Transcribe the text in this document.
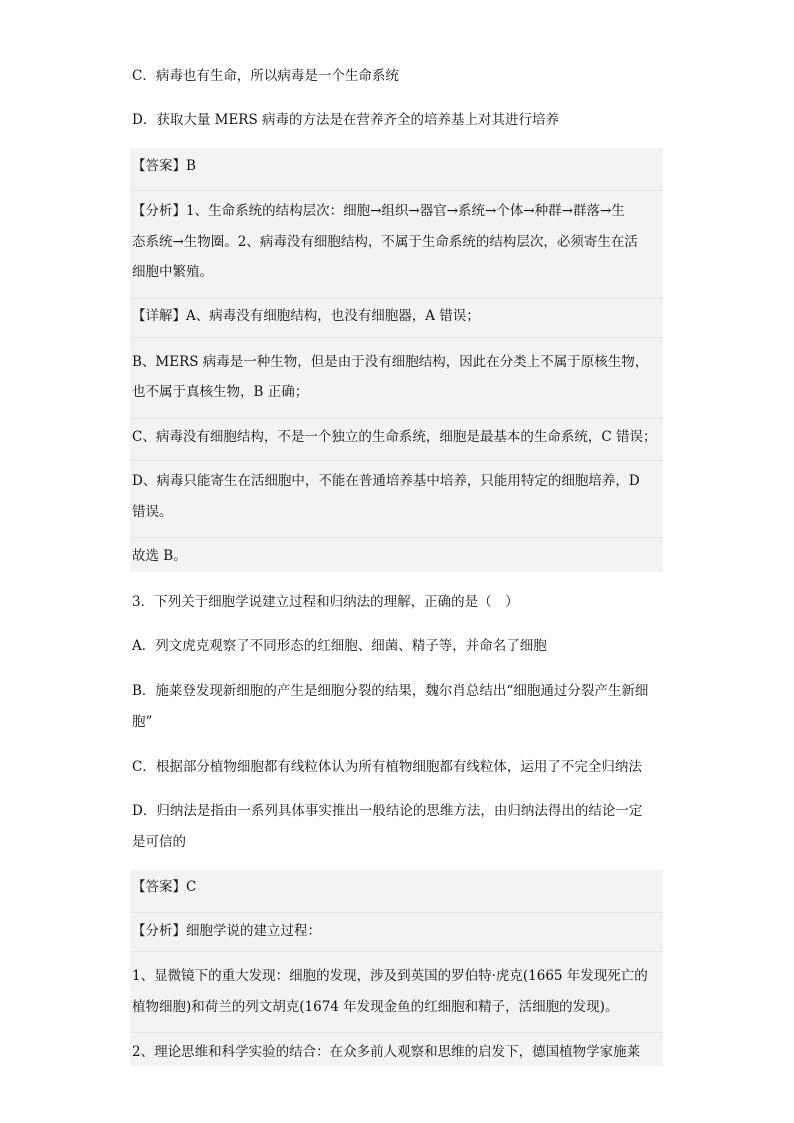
C．病毒也有生命，所以病毒是一个生命系统
D．获取大量 MERS 病毒的方法是在营养齐全的培养基上对其进行培养
【答案】B
【分析】1、生命系统的结构层次：细胞→组织→器官→系统→个体→种群→群落→生
态系统→生物圈。2、病毒没有细胞结构，不属于生命系统的结构层次，必须寄生在活
细胞中繁殖。
【详解】A、病毒没有细胞结构，也没有细胞器，A 错误；
B、MERS 病毒是一种生物，但是由于没有细胞结构，因此在分类上不属于原核生物，
也不属于真核生物，B 正确；
C、病毒没有细胞结构，不是一个独立的生命系统，细胞是最基本的生命系统，C 错误；
D、病毒只能寄生在活细胞中，不能在普通培养基中培养，只能用特定的细胞培养，D
错误。
故选 B。
3．下列关于细胞学说建立过程和归纳法的理解，正确的是（　）
A．列文虎克观察了不同形态的红细胞、细菌、精子等，并命名了细胞
B．施莱登发现新细胞的产生是细胞分裂的结果，魏尔肖总结出“细胞通过分裂产生新细
胞”
C．根据部分植物细胞都有线粒体认为所有植物细胞都有线粒体，运用了不完全归纳法
D．归纳法是指由一系列具体事实推出一般结论的思维方法，由归纳法得出的结论一定
是可信的
【答案】C
【分析】细胞学说的建立过程：
1、显微镜下的重大发现：细胞的发现，涉及到英国的罗伯特·虎克(1665 年发现死亡的
植物细胞)和荷兰的列文胡克(1674 年发现金鱼的红细胞和精子，活细胞的发现)。
2、理论思维和科学实验的结合：在众多前人观察和思维的启发下，德国植物学家施莱
